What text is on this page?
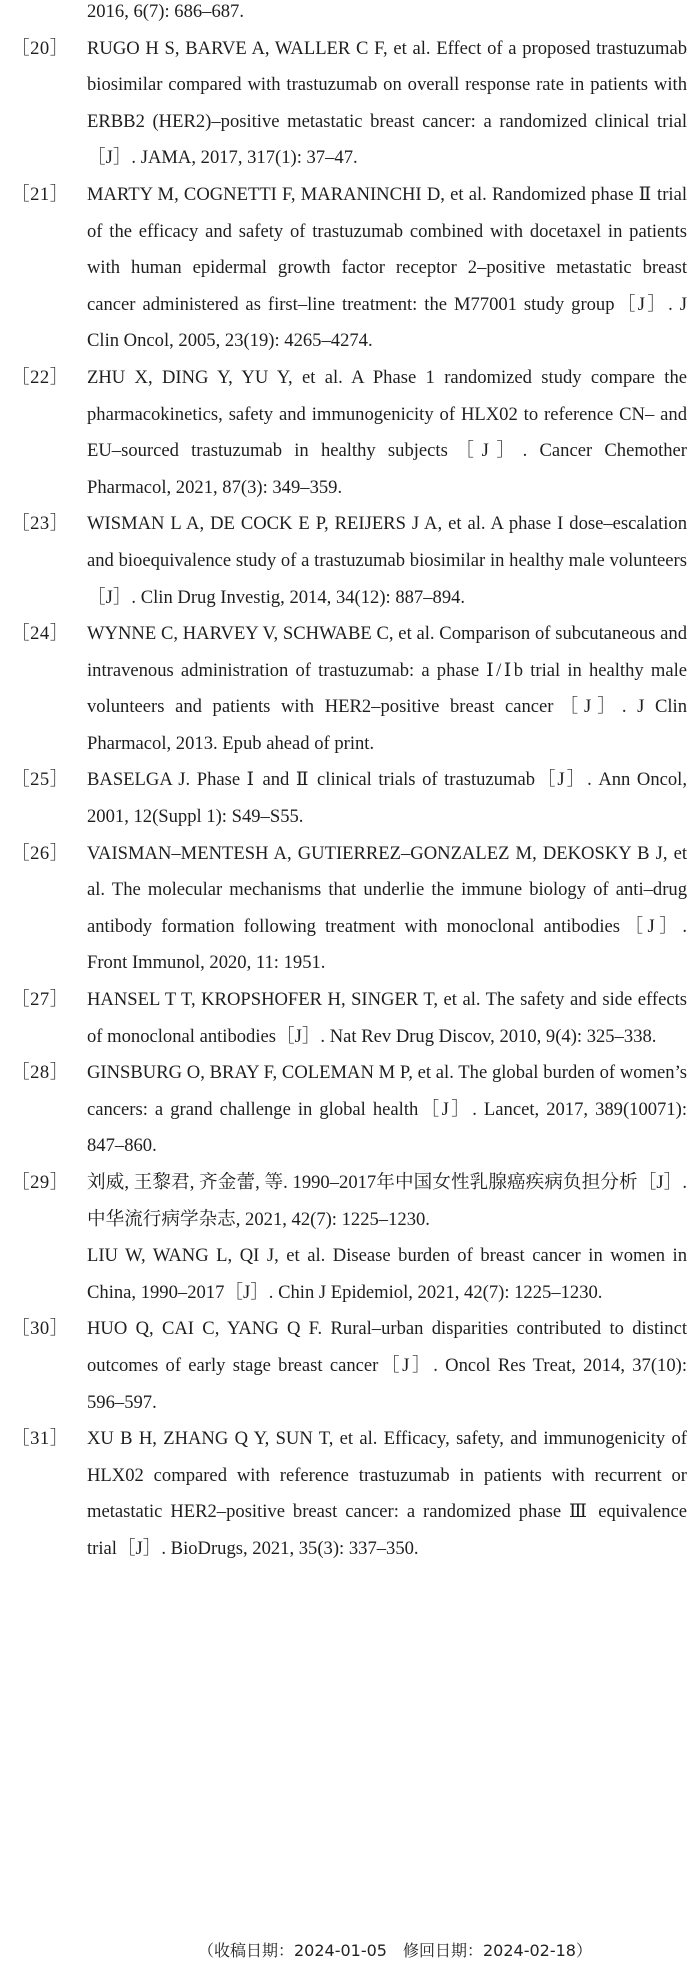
2016, 6(7): 686–687.
［20］ RUGO H S, BARVE A, WALLER C F, et al. Effect of a proposed trastuzumab biosimilar compared with trastuzumab on overall response rate in patients with ERBB2 (HER2)–positive metastatic breast cancer: a randomized clinical trial［J］. JAMA, 2017, 317(1): 37–47.
［21］ MARTY M, COGNETTI F, MARANINCHI D, et al. Randomized phase Ⅱ trial of the efficacy and safety of trastuzumab combined with docetaxel in patients with human epidermal growth factor receptor 2–positive metastatic breast cancer administered as first–line treatment: the M77001 study group［J］. J Clin Oncol, 2005, 23(19): 4265–4274.
［22］ ZHU X, DING Y, YU Y, et al. A Phase 1 randomized study compare the pharmacokinetics, safety and immunogenicity of HLX02 to reference CN– and EU–sourced trastuzumab in healthy subjects［J］. Cancer Chemother Pharmacol, 2021, 87(3): 349–359.
［23］ WISMAN L A, DE COCK E P, REIJERS J A, et al. A phase I dose–escalation and bioequivalence study of a trastuzumab biosimilar in healthy male volunteers［J］. Clin Drug Investig, 2014, 34(12): 887–894.
［24］ WYNNE C, HARVEY V, SCHWABE C, et al. Comparison of subcutaneous and intravenous administration of trastuzumab: a phase Ⅰ/Ⅰb trial in healthy male volunteers and patients with HER2–positive breast cancer［J］. J Clin Pharmacol, 2013. Epub ahead of print.
［25］ BASELGA J. Phase Ⅰ and Ⅱ clinical trials of trastuzumab［J］. Ann Oncol, 2001, 12(Suppl 1): S49–S55.
［26］ VAISMAN–MENTESH A, GUTIERREZ–GONZALEZ M, DEKOSKY B J, et al. The molecular mechanisms that underlie the immune biology of anti–drug antibody formation following treatment with monoclonal antibodies［J］. Front Immunol, 2020, 11: 1951.
［27］ HANSEL T T, KROPSHOFER H, SINGER T, et al. The safety and side effects of monoclonal antibodies［J］. Nat Rev Drug Discov, 2010, 9(4): 325–338.
［28］ GINSBURG O, BRAY F, COLEMAN M P, et al. The global burden of women’s cancers: a grand challenge in global health［J］. Lancet, 2017, 389(10071): 847–860.
［29］ 刘威, 王黎君, 齐金蕾, 等. 1990–2017年中国女性乳腺癌疾病负担分析［J］. 中华流行病学杂志, 2021, 42(7): 1225–1230.
LIU W, WANG L, QI J, et al. Disease burden of breast cancer in women in China, 1990–2017［J］. Chin J Epidemiol, 2021, 42(7): 1225–1230.
［30］ HUO Q, CAI C, YANG Q F. Rural–urban disparities contributed to distinct outcomes of early stage breast cancer［J］. Oncol Res Treat, 2014, 37(10): 596–597.
［31］ XU B H, ZHANG Q Y, SUN T, et al. Efficacy, safety, and immunogenicity of HLX02 compared with reference trastuzumab in patients with recurrent or metastatic HER2–positive breast cancer: a randomized phase Ⅲ equivalence trial［J］. BioDrugs, 2021, 35(3): 337–350.
（收稿日期：2024-01-05　修回日期：2024-02-18）
